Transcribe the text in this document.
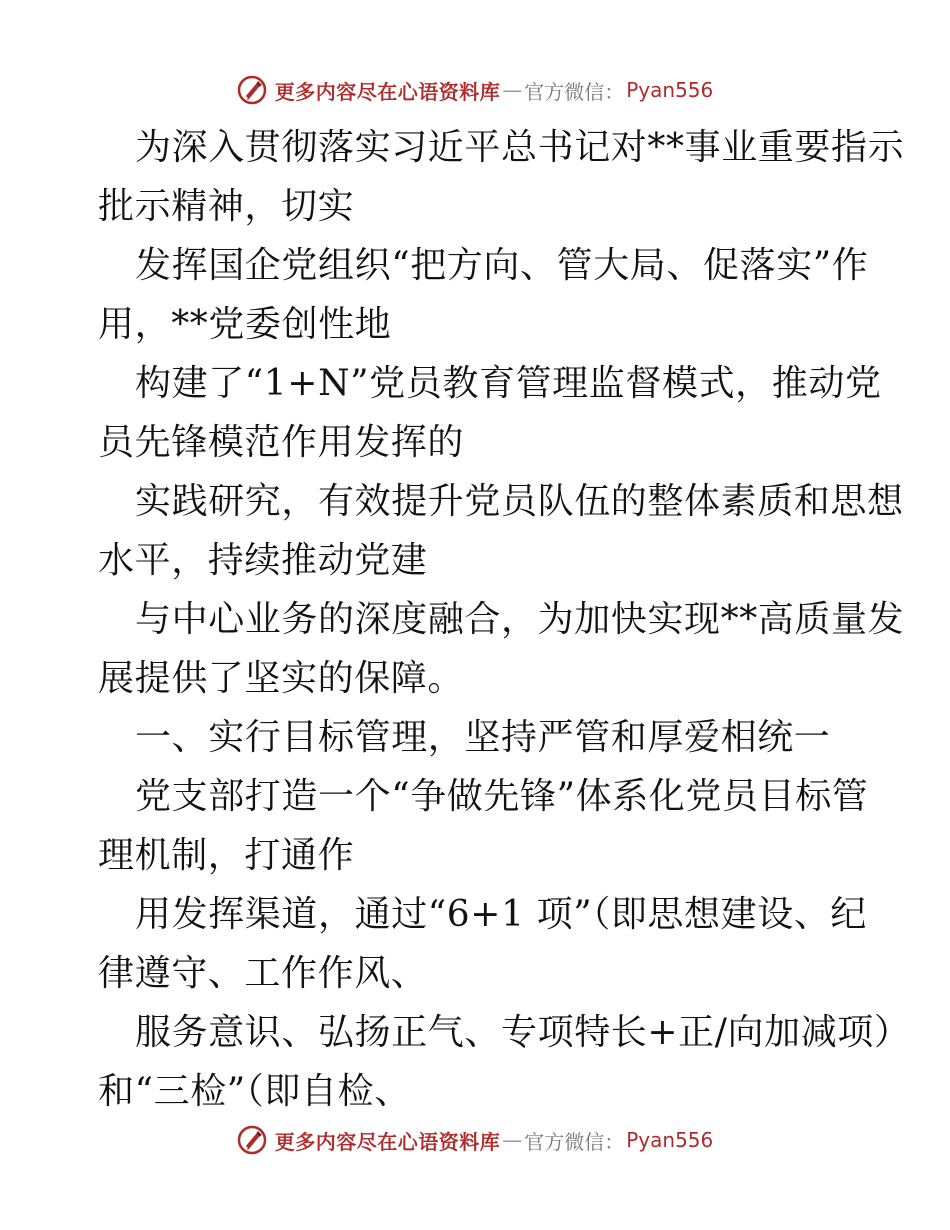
更多内容尽在心语资料库 — 官方微信： Pyan556
为深入贯彻落实习近平总书记对**事业重要指示
批示精神，切实
发挥国企党组织“把方向、管大局、促落实”作
用，**党委创性地
构建了“1+N”党员教育管理监督模式，推动党
员先锋模范作用发挥的
实践研究，有效提升党员队伍的整体素质和思想
水平，持续推动党建
与中心业务的深度融合，为加快实现**高质量发
展提供了坚实的保障。
一、实行目标管理，坚持严管和厚爱相统一
党支部打造一个“争做先锋”体系化党员目标管
理机制，打通作
用发挥渠道，通过“6+1 项”（即思想建设、纪
律遵守、工作作风、
服务意识、弘扬正气、专项特长+正/向加减项）
和“三检”（即自检、
更多内容尽在心语资料库 — 官方微信： Pyan556
